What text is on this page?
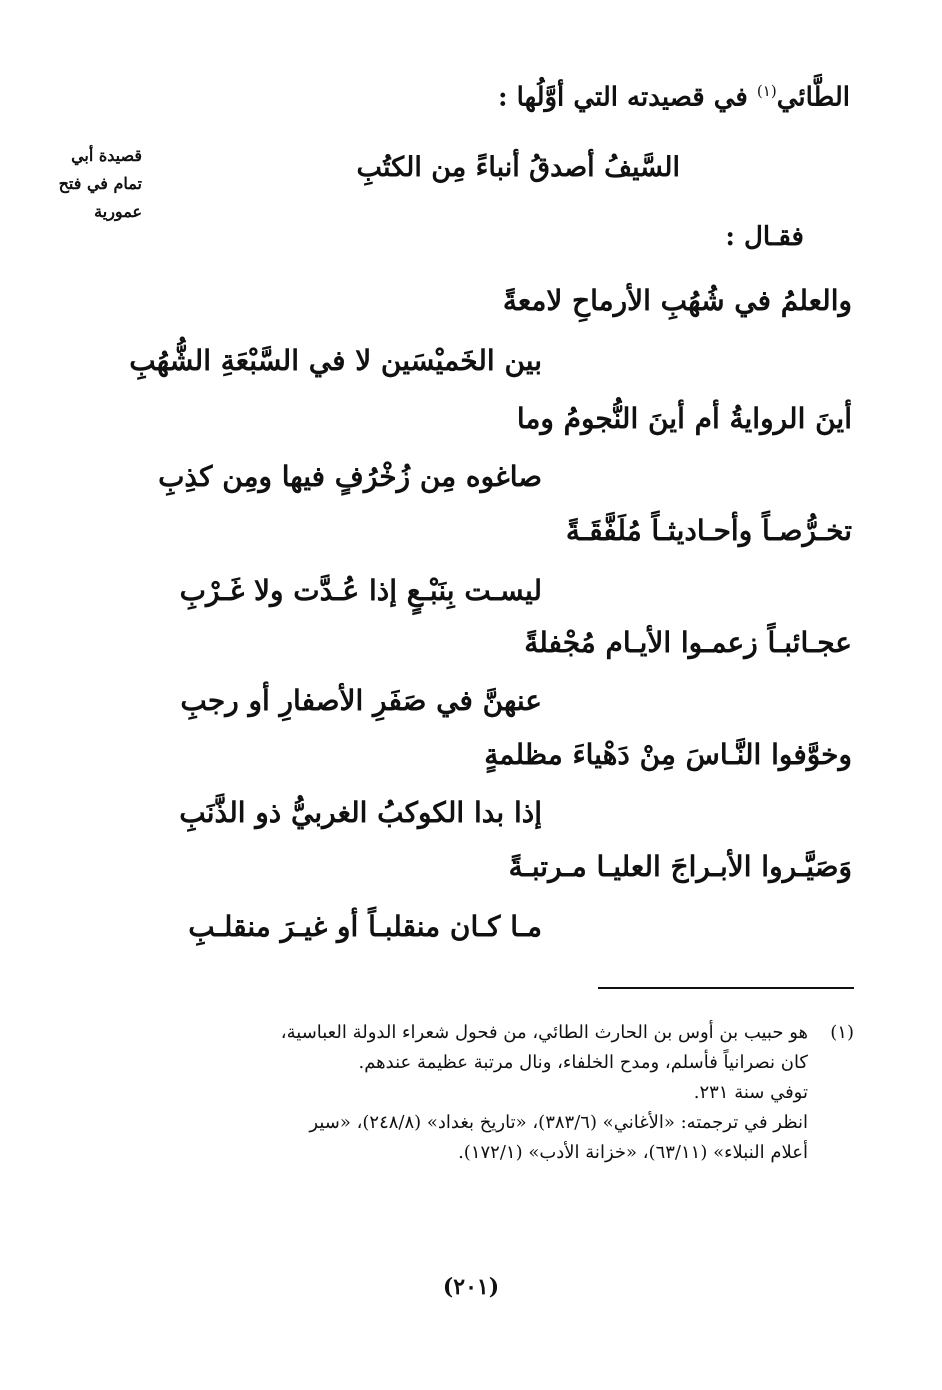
الطَّائي$^{(١)}$ في قصيدته التي أوَّلُها :
قصيدة أبي
تمام في فتح
عمورية
السَّيفُ أصدقُ أنباءً مِن الكتُبِ
فقـال :
والعلمُ في شُهُبِ الأرماحِ لامعةً
بين الخَميْسَين لا في السَّبْعَةِ الشُّهُبِ
أينَ الروايةُ أم أينَ النُّجومُ وما
صاغوه مِن زُخْرُفٍ فيها ومِن كذِبِ
تخـرُّصـاً وأحـاديثـاً مُلَفَّقَـةً
ليسـت بِنَبْـعٍ إذا عُـدَّت ولا غَـرْبِ
عجـائبـاً زعمـوا الأيـام مُجْفلةً
عنهنَّ في صَفَرِ الأصفارِ أو رجبِ
وخوَّفوا النَّـاسَ مِنْ دَهْياءَ مظلمةٍ
إذا بدا الكوكبُ الغربيُّ ذو الذَّنَبِ
وَصَيَّـروا الأبـراجَ العليـا مـرتبـةً
مـا كـان منقلبـاً أو غيـرَ منقلـبِ
(١)
هو حبيب بن أوس بن الحارث الطائي، من فحول شعراء الدولة العباسية،
كان نصرانياً فأسلم، ومدح الخلفاء، ونال مرتبة عظيمة عندهم.
توفي سنة ٢٣١.
انظر في ترجمته: «الأغاني» (٣٨٣/٦)، «تاريخ بغداد» (٢٤٨/٨)، «سير
أعلام النبلاء» (٦٣/١١)، «خزانة الأدب» (١٧٢/١).
(٢٠١)
